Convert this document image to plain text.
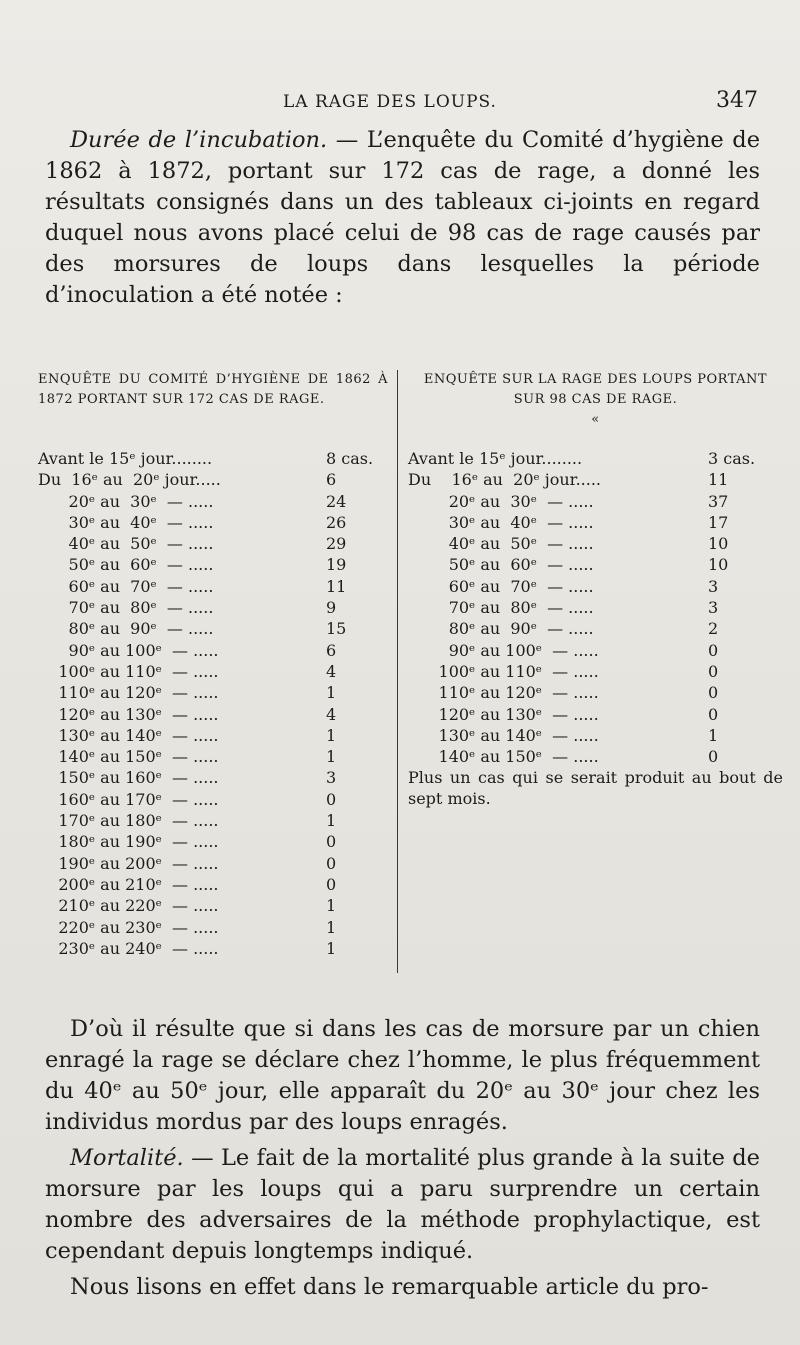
LA RAGE DES LOUPS.	347

Durée de l’incubation. — L’enquête du Comité d’hygiène de 1862 à 1872, portant sur 172 cas de rage, a donné les résultats consignés dans un des tableaux ci-joints en regard duquel nous avons placé celui de 98 cas de rage causés par des morsures de loups dans lesquelles la période d’inoculation a été notée :

ENQUÊTE DU COMITÉ D’HYGIÈNE DE 1862 À 1872 PORTANT SUR 172 CAS DE RAGE.

Avant le 15ᵉ jour........	8 cas.
Du  16ᵉ au  20ᵉ jour.....	6
20ᵉ au  30ᵉ  — .....	24
30ᵉ au  40ᵉ  — .....	26
40ᵉ au  50ᵉ  — .....	29
50ᵉ au  60ᵉ  — .....	19
60ᵉ au  70ᵉ  — .....	11
70ᵉ au  80ᵉ  — .....	9
80ᵉ au  90ᵉ  — .....	15
90ᵉ au 100ᵉ  — .....	6
100ᵉ au 110ᵉ  — .....	4
110ᵉ au 120ᵉ  — .....	1
120ᵉ au 130ᵉ  — .....	4
130ᵉ au 140ᵉ  — .....	1
140ᵉ au 150ᵉ  — .....	1
150ᵉ au 160ᵉ  — .....	3
160ᵉ au 170ᵉ  — .....	0
170ᵉ au 180ᵉ  — .....	1
180ᵉ au 190ᵉ  — .....	0
190ᵉ au 200ᵉ  — .....	0
200ᵉ au 210ᵉ  — .....	0
210ᵉ au 220ᵉ  — .....	1
220ᵉ au 230ᵉ  — .....	1
230ᵉ au 240ᵉ  — .....	1

ENQUÊTE SUR LA RAGE DES LOUPS PORTANT SUR 98 CAS DE RAGE.
«

Avant le 15ᵉ jour........	3 cas.
Du    16ᵉ au  20ᵉ jour.....	11
20ᵉ au  30ᵉ  — .....	37
30ᵉ au  40ᵉ  — .....	17
40ᵉ au  50ᵉ  — .....	10
50ᵉ au  60ᵉ  — .....	10
60ᵉ au  70ᵉ  — .....	3
70ᵉ au  80ᵉ  — .....	3
80ᵉ au  90ᵉ  — .....	2
90ᵉ au 100ᵉ  — .....	0
100ᵉ au 110ᵉ  — .....	0
110ᵉ au 120ᵉ  — .....	0
120ᵉ au 130ᵉ  — .....	0
130ᵉ au 140ᵉ  — .....	1
140ᵉ au 150ᵉ  — .....	0

Plus un cas qui se serait produit au bout de sept mois.

D’où il résulte que si dans les cas de morsure par un chien enragé la rage se déclare chez l’homme, le plus fréquemment du 40ᵉ au 50ᵉ jour, elle apparaît du 20ᵉ au 30ᵉ jour chez les individus mordus par des loups enragés.

Mortalité. — Le fait de la mortalité plus grande à la suite de morsure par les loups qui a paru surprendre un certain nombre des adversaires de la méthode prophylactique, est cependant depuis longtemps indiqué.

Nous lisons en effet dans le remarquable article du pro-
